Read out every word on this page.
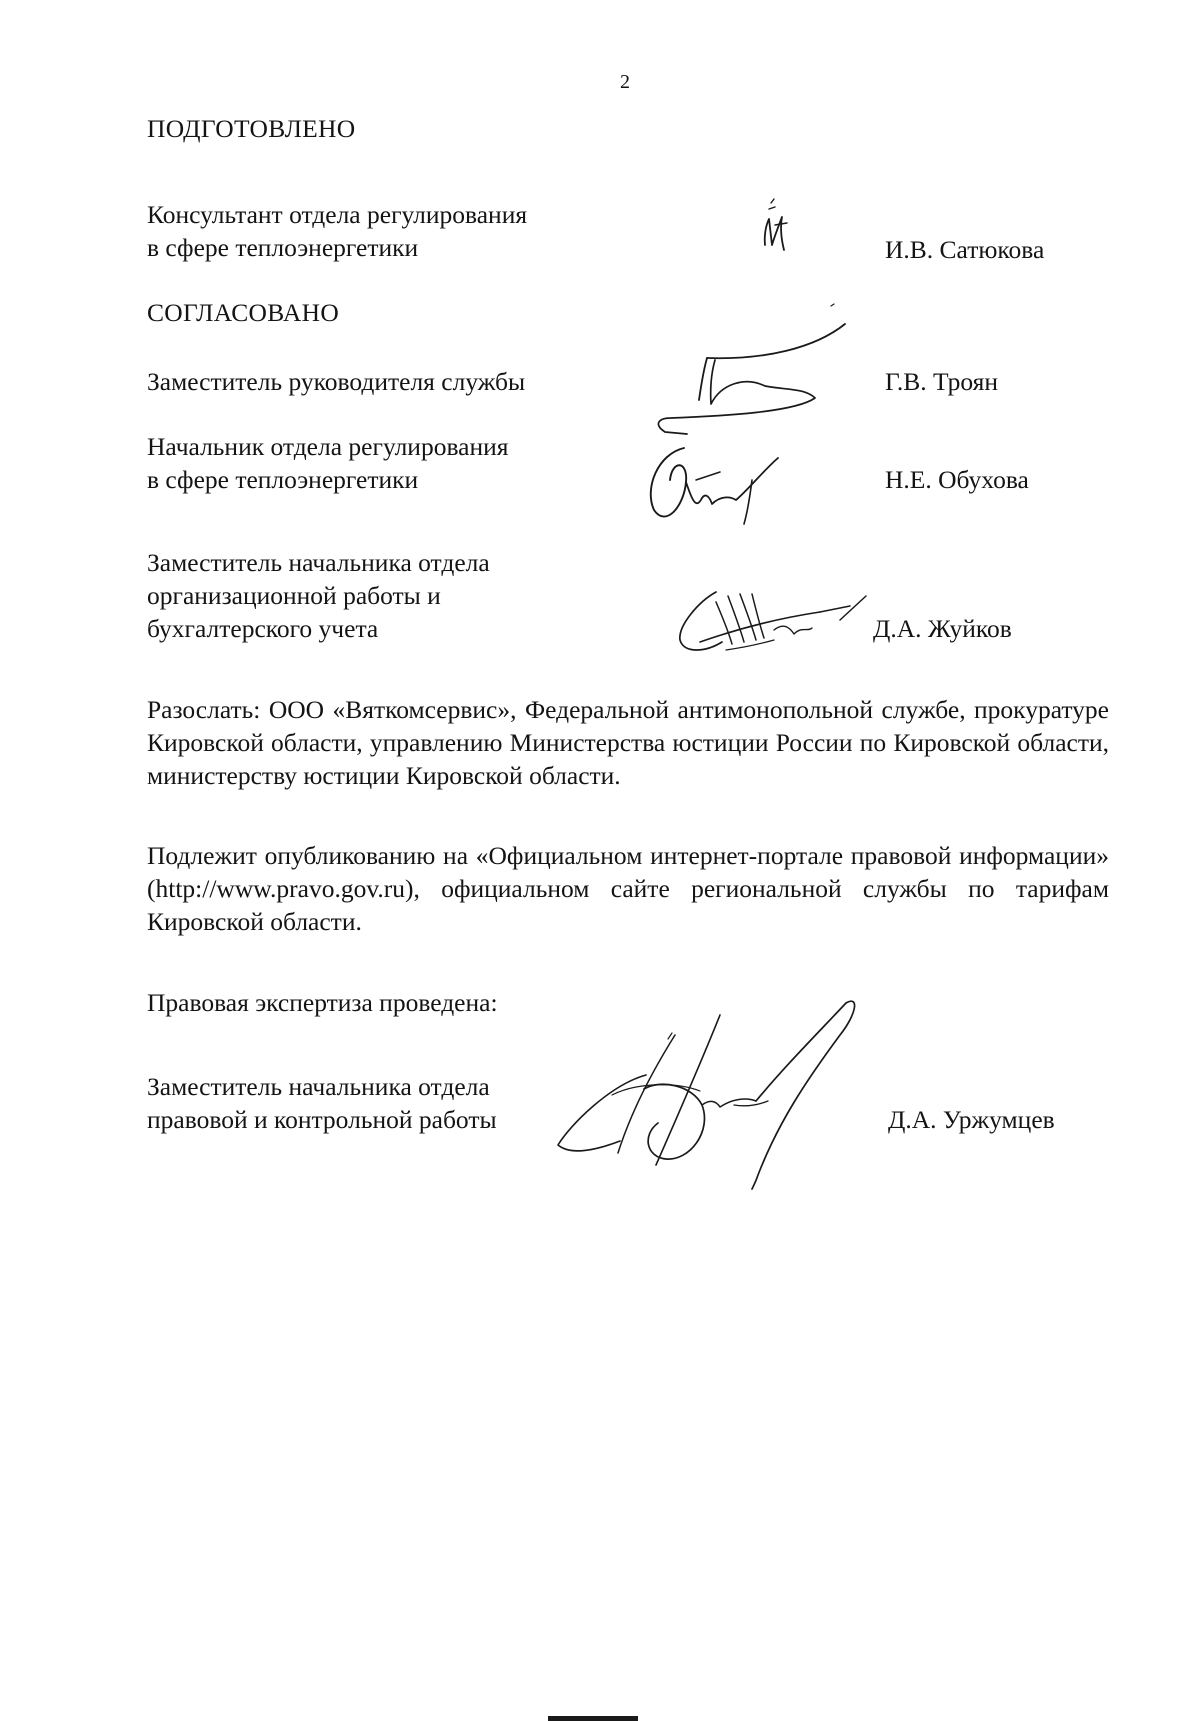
2
ПОДГОТОВЛЕНО
Консультант отдела регулирования
в сфере теплоэнергетики	И.В. Сатюкова
СОГЛАСОВАНО
Заместитель руководителя службы	Г.В. Троян
Начальник отдела регулирования
в сфере теплоэнергетики	Н.Е. Обухова
Заместитель начальника отдела
организационной работы и
бухгалтерского учета	Д.А. Жуйков
Разослать: ООО «Вяткомсервис», Федеральной антимонопольной службе, прокуратуре Кировской области, управлению Министерства юстиции России по Кировской области, министерству юстиции Кировской области.
Подлежит опубликованию на «Официальном интернет-портале правовой информации» (http://www.pravo.gov.ru), официальном сайте региональной службы по тарифам Кировской области.
Правовая экспертиза проведена:
Заместитель начальника отдела
правовой и контрольной работы	Д.А. Уржумцев
